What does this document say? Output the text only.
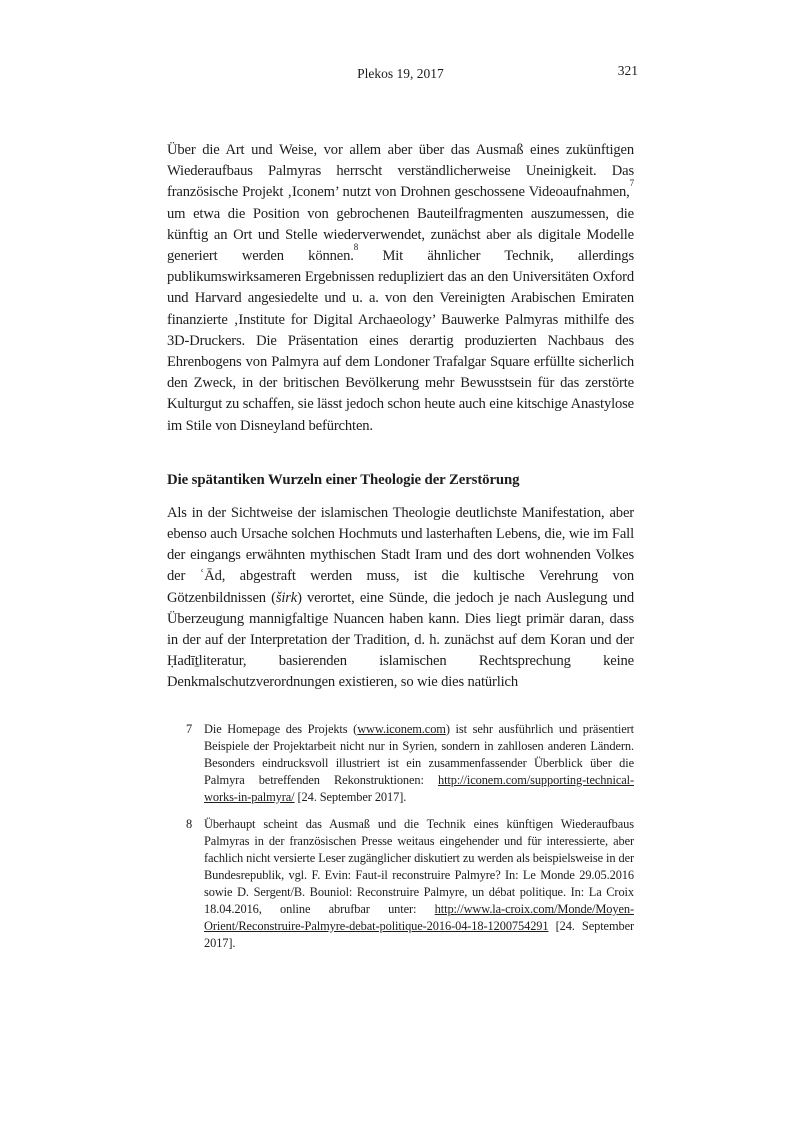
Plekos 19, 2017	321

Über die Art und Weise, vor allem aber über das Ausmaß eines zukünftigen Wiederaufbaus Palmyras herrscht verständlicherweise Uneinigkeit. Das französische Projekt ‚Iconem’ nutzt von Drohnen geschossene Videoaufnahmen,$^7$ um etwa die Position von gebrochenen Bauteilfragmenten auszumessen, die künftig an Ort und Stelle wiederverwendet, zunächst aber als digitale Modelle generiert werden können.$^8$ Mit ähnlicher Technik, allerdings publikumswirksameren Ergebnissen redupliziert das an den Universitäten Oxford und Harvard angesiedelte und u. a. von den Vereinigten Arabischen Emiraten finanzierte ‚Institute for Digital Archaeology’ Bauwerke Palmyras mithilfe des 3D-Druckers. Die Präsentation eines derartig produzierten Nachbaus des Ehrenbogens von Palmyra auf dem Londoner Trafalgar Square erfüllte sicherlich den Zweck, in der britischen Bevölkerung mehr Bewusstsein für das zerstörte Kulturgut zu schaffen, sie lässt jedoch schon heute auch eine kitschige Anastylose im Stile von Disneyland befürchten.

Die spätantiken Wurzeln einer Theologie der Zerstörung

Als in der Sichtweise der islamischen Theologie deutlichste Manifestation, aber ebenso auch Ursache solchen Hochmuts und lasterhaften Lebens, die, wie im Fall der eingangs erwähnten mythischen Stadt Iram und des dort wohnenden Volkes der ʿĀd, abgestraft werden muss, ist die kultische Verehrung von Götzenbildnissen (širk) verortet, eine Sünde, die jedoch je nach Auslegung und Überzeugung mannigfaltige Nuancen haben kann. Dies liegt primär daran, dass in der auf der Interpretation der Tradition, d. h. zunächst auf dem Koran und der Ḥadīṯliteratur, basierenden islamischen Rechtsprechung keine Denkmalschutzverordnungen existieren, so wie dies natürlich

7 Die Homepage des Projekts (www.iconem.com) ist sehr ausführlich und präsentiert Beispiele der Projektarbeit nicht nur in Syrien, sondern in zahllosen anderen Ländern. Besonders eindrucksvoll illustriert ist ein zusammenfassender Überblick über die Palmyra betreffenden Rekonstruktionen: http://iconem.com/supporting-technical-works-in-palmyra/ [24. September 2017].
8 Überhaupt scheint das Ausmaß und die Technik eines künftigen Wiederaufbaus Palmyras in der französischen Presse weitaus eingehender und für interessierte, aber fachlich nicht versierte Leser zugänglicher diskutiert zu werden als beispielsweise in der Bundesrepublik, vgl. F. Evin: Faut-il reconstruire Palmyre? In: Le Monde 29.05.2016 sowie D. Sergent/B. Bouniol: Reconstruire Palmyre, un débat politique. In: La Croix 18.04.2016, online abrufbar unter: http://www.la-croix.com/Monde/Moyen-Orient/Reconstruire-Palmyre-debat-politique-2016-04-18-1200754291 [24. September 2017].
